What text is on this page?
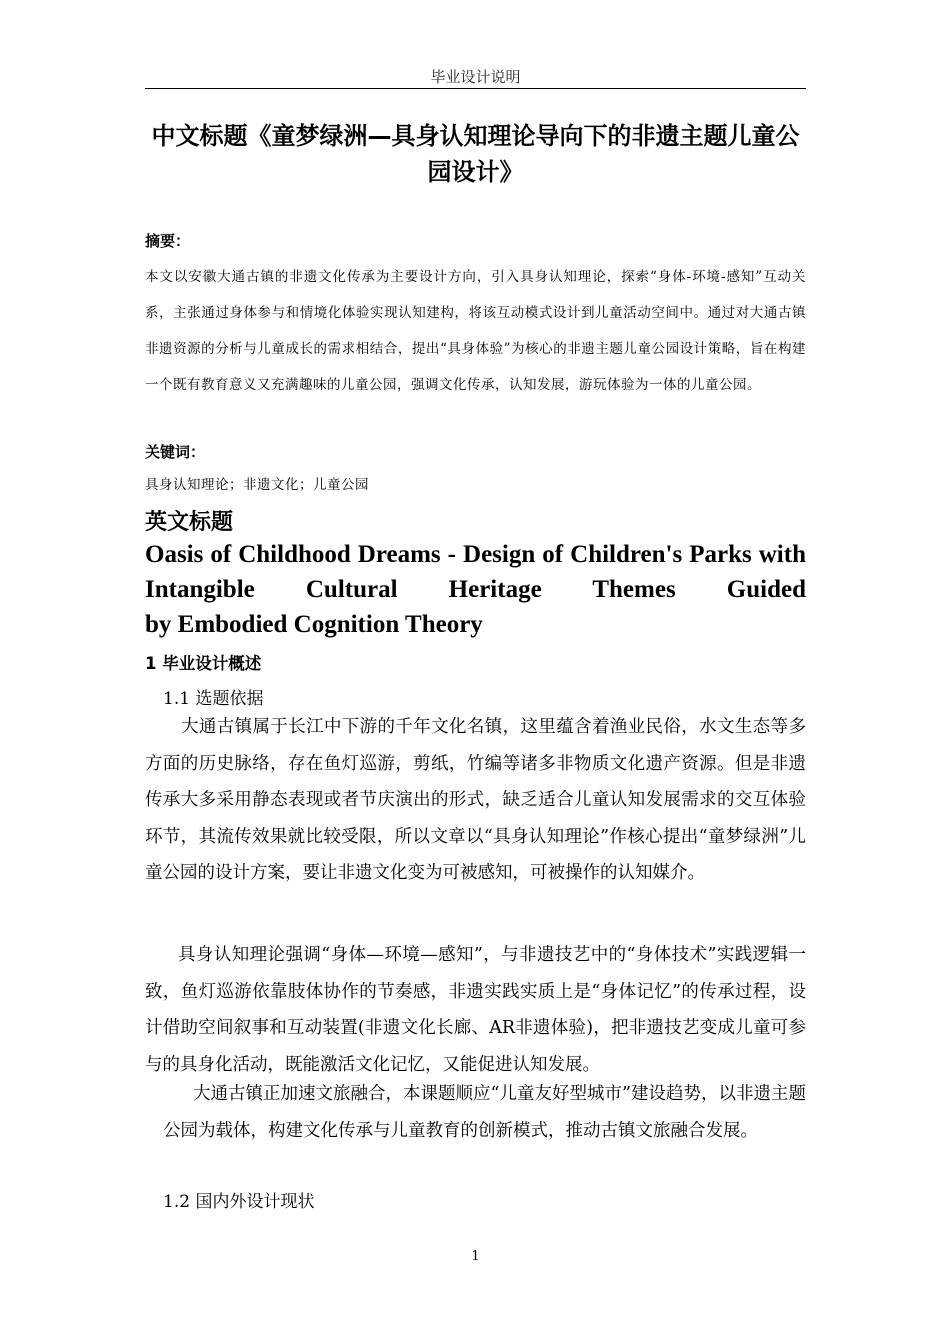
毕业设计说明
中文标题《童梦绿洲—具身认知理论导向下的非遗主题儿童公园设计》
摘要：
本文以安徽大通古镇的非遗文化传承为主要设计方向，引入具身认知理论，探索“身体-环境-感知”互动关系，主张通过身体参与和情境化体验实现认知建构，将该互动模式设计到儿童活动空间中。通过对大通古镇非遗资源的分析与儿童成长的需求相结合，提出“具身体验”为核心的非遗主题儿童公园设计策略，旨在构建一个既有教育意义又充满趣味的儿童公园，强调文化传承，认知发展，游玩体验为一体的儿童公园。
关键词：
具身认知理论；非遗文化；儿童公园
英文标题
Oasis of Childhood Dreams - Design of Children's Parks with Intangible Cultural Heritage Themes Guided
by Embodied Cognition Theory
1 毕业设计概述
1.1 选题依据
大通古镇属于长江中下游的千年文化名镇，这里蕴含着渔业民俗，水文生态等多方面的历史脉络，存在鱼灯巡游，剪纸，竹编等诸多非物质文化遗产资源。但是非遗传承大多采用静态表现或者节庆演出的形式，缺乏适合儿童认知发展需求的交互体验环节，其流传效果就比较受限，所以文章以“具身认知理论”作核心提出“童梦绿洲”儿童公园的设计方案，要让非遗文化变为可被感知，可被操作的认知媒介。
具身认知理论强调“身体—环境—感知”，与非遗技艺中的“身体技术”实践逻辑一致，鱼灯巡游依靠肢体协作的节奏感，非遗实践实质上是“身体记忆”的传承过程，设计借助空间叙事和互动装置(非遗文化长廊、AR非遗体验)，把非遗技艺变成儿童可参与的具身化活动，既能激活文化记忆，又能促进认知发展。
大通古镇正加速文旅融合，本课题顺应“儿童友好型城市”建设趋势，以非遗主题公园为载体，构建文化传承与儿童教育的创新模式，推动古镇文旅融合发展。
1.2 国内外设计现状
1
